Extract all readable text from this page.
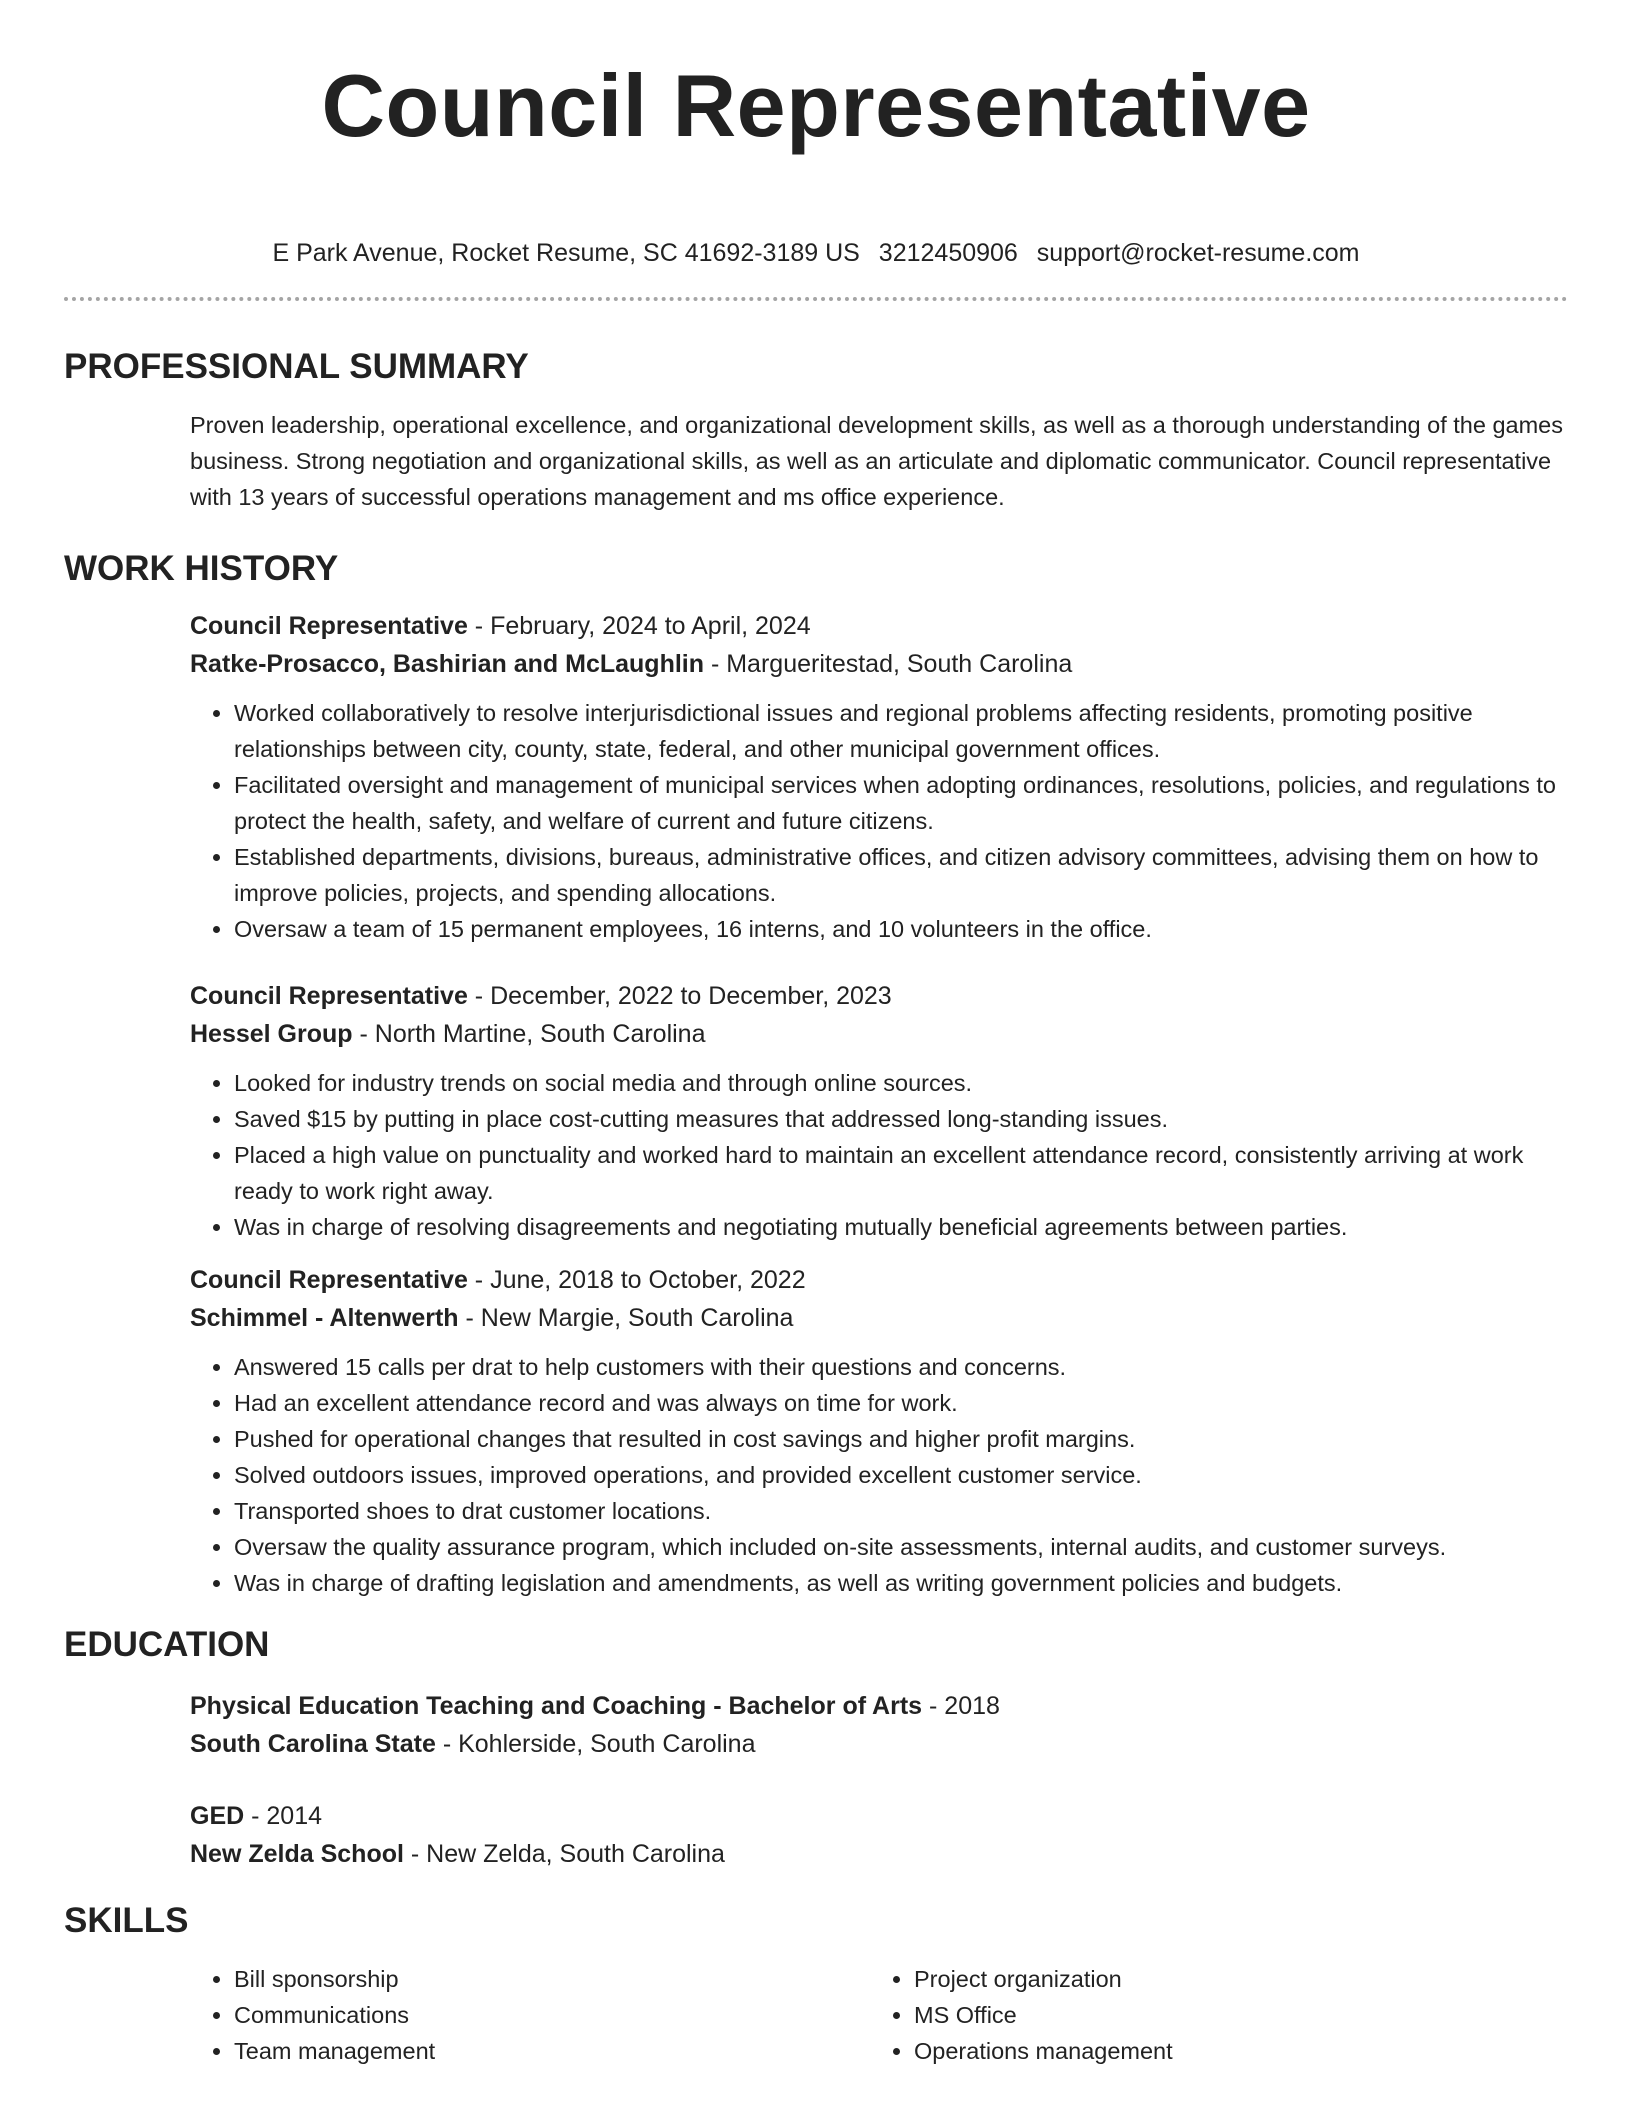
Council Representative
E Park Avenue, Rocket Resume, SC 41692-3189 US 3212450906 support@rocket-resume.com
PROFESSIONAL SUMMARY

Proven leadership, operational excellence, and organizational development skills, as well as a thorough understanding of the games business. Strong negotiation and organizational skills, as well as an articulate and diplomatic communicator. Council representative with 13 years of successful operations management and ms office experience.

WORK HISTORY

Council Representative - February, 2024 to April, 2024

Ratke-Prosacco, Bashirian and McLaughlin - Margueritestad, South Carolina

• Worked collaboratively to resolve interjurisdictional issues and regional problems affecting residents, promoting positive relationships between city, county, state, federal, and other municipal government offices.
• Facilitated oversight and management of municipal services when adopting ordinances, resolutions, policies, and regulations to protect the health, safety, and welfare of current and future citizens.
• Established departments, divisions, bureaus, administrative offices, and citizen advisory committees, advising them on how to improve policies, projects, and spending allocations.
• Oversaw a team of 15 permanent employees, 16 interns, and 10 volunteers in the office.

Council Representative - December, 2022 to December, 2023

Hessel Group - North Martine, South Carolina

• Looked for industry trends on social media and through online sources.
• Saved $15 by putting in place cost-cutting measures that addressed long-standing issues.
• Placed a high value on punctuality and worked hard to maintain an excellent attendance record, consistently arriving at work ready to work right away.
• Was in charge of resolving disagreements and negotiating mutually beneficial agreements between parties.

Council Representative - June, 2018 to October, 2022

Schimmel - Altenwerth - New Margie, South Carolina

• Answered 15 calls per drat to help customers with their questions and concerns.
• Had an excellent attendance record and was always on time for work.
• Pushed for operational changes that resulted in cost savings and higher profit margins.
• Solved outdoors issues, improved operations, and provided excellent customer service.
• Transported shoes to drat customer locations.
• Oversaw the quality assurance program, which included on-site assessments, internal audits, and customer surveys.
• Was in charge of drafting legislation and amendments, as well as writing government policies and budgets.
EDUCATION

Physical Education Teaching and Coaching - Bachelor of Arts - 2018

South Carolina State - Kohlerside, South Carolina

GED - 2014

New Zelda School - New Zelda, South Carolina

SKILLS
• Bill sponsorship
• Communications
• Team management
• Project organization
• MS Office
• Operations management
